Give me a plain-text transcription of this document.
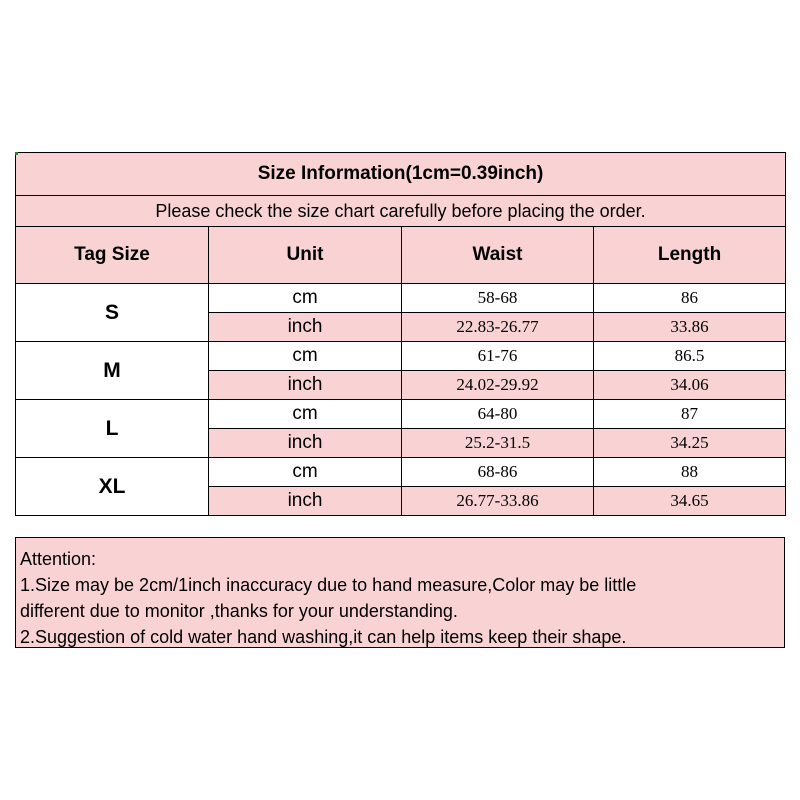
Size Information(1cm=0.39inch)			
Please check the size chart carefully before placing the order.			
Tag Size	Unit	Waist	Length
S	cm	58-68	86
	inch	22.83-26.77	33.86
M	cm	61-76	86.5
	inch	24.02-29.92	34.06
L	cm	64-80	87
	inch	25.2-31.5	34.25
XL	cm	68-86	88
	inch	26.77-33.86	34.65
Attention:
1.Size may be 2cm/1inch inaccuracy due to hand measure,Color may be little
different due to monitor ,thanks for your understanding.
2.Suggestion of cold water hand washing,it can help items keep their shape.
